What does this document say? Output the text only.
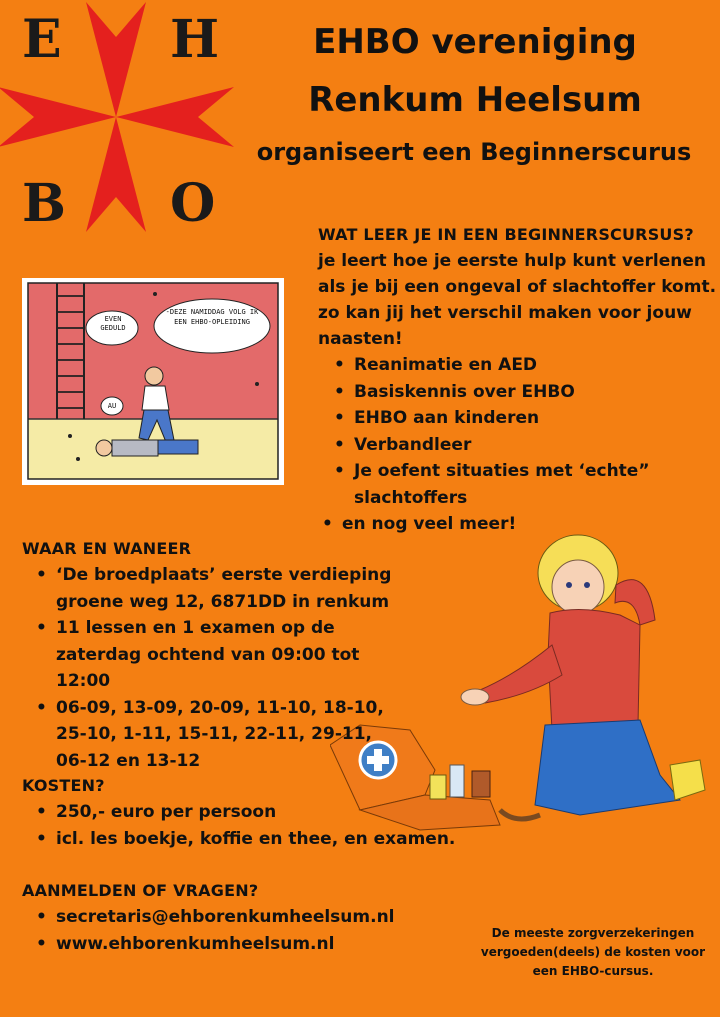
E H
B O
EHBO vereniging
Renkum Heelsum
organiseert een Beginnerscurus
EVEN GEDULD
-DEZE NAMIDDAG VOLG IK EEN EHBO-OPLEIDING
AU
WAT LEER JE IN EEN BEGINNERSCURSUS?
je leert hoe je eerste hulp kunt verlenen
als je bij een ongeval of slachtoffer komt.
zo kan jij het verschil maken voor jouw
naasten!
• Reanimatie en AED
• Basiskennis over EHBO
• EHBO aan kinderen
• Verbandleer
• Je oefent situaties met ‘echte” slachtoffers
• en nog veel meer!
WAAR EN WANEER
• ‘De broedplaats’ eerste verdieping groene weg 12, 6871DD in renkum
• 11 lessen en 1 examen op de zaterdag ochtend van 09:00 tot 12:00
• 06-09, 13-09, 20-09, 11-10, 18-10, 25-10, 1-11, 15-11, 22-11, 29-11, 06-12 en 13-12
KOSTEN?
• 250,- euro per persoon
• icl. les boekje, koffie en thee, en examen.
AANMELDEN OF VRAGEN?
• secretaris@ehborenkumheelsum.nl
• www.ehborenkumheelsum.nl
De meeste zorgverzekeringen vergoeden(deels) de kosten voor een EHBO-cursus.
